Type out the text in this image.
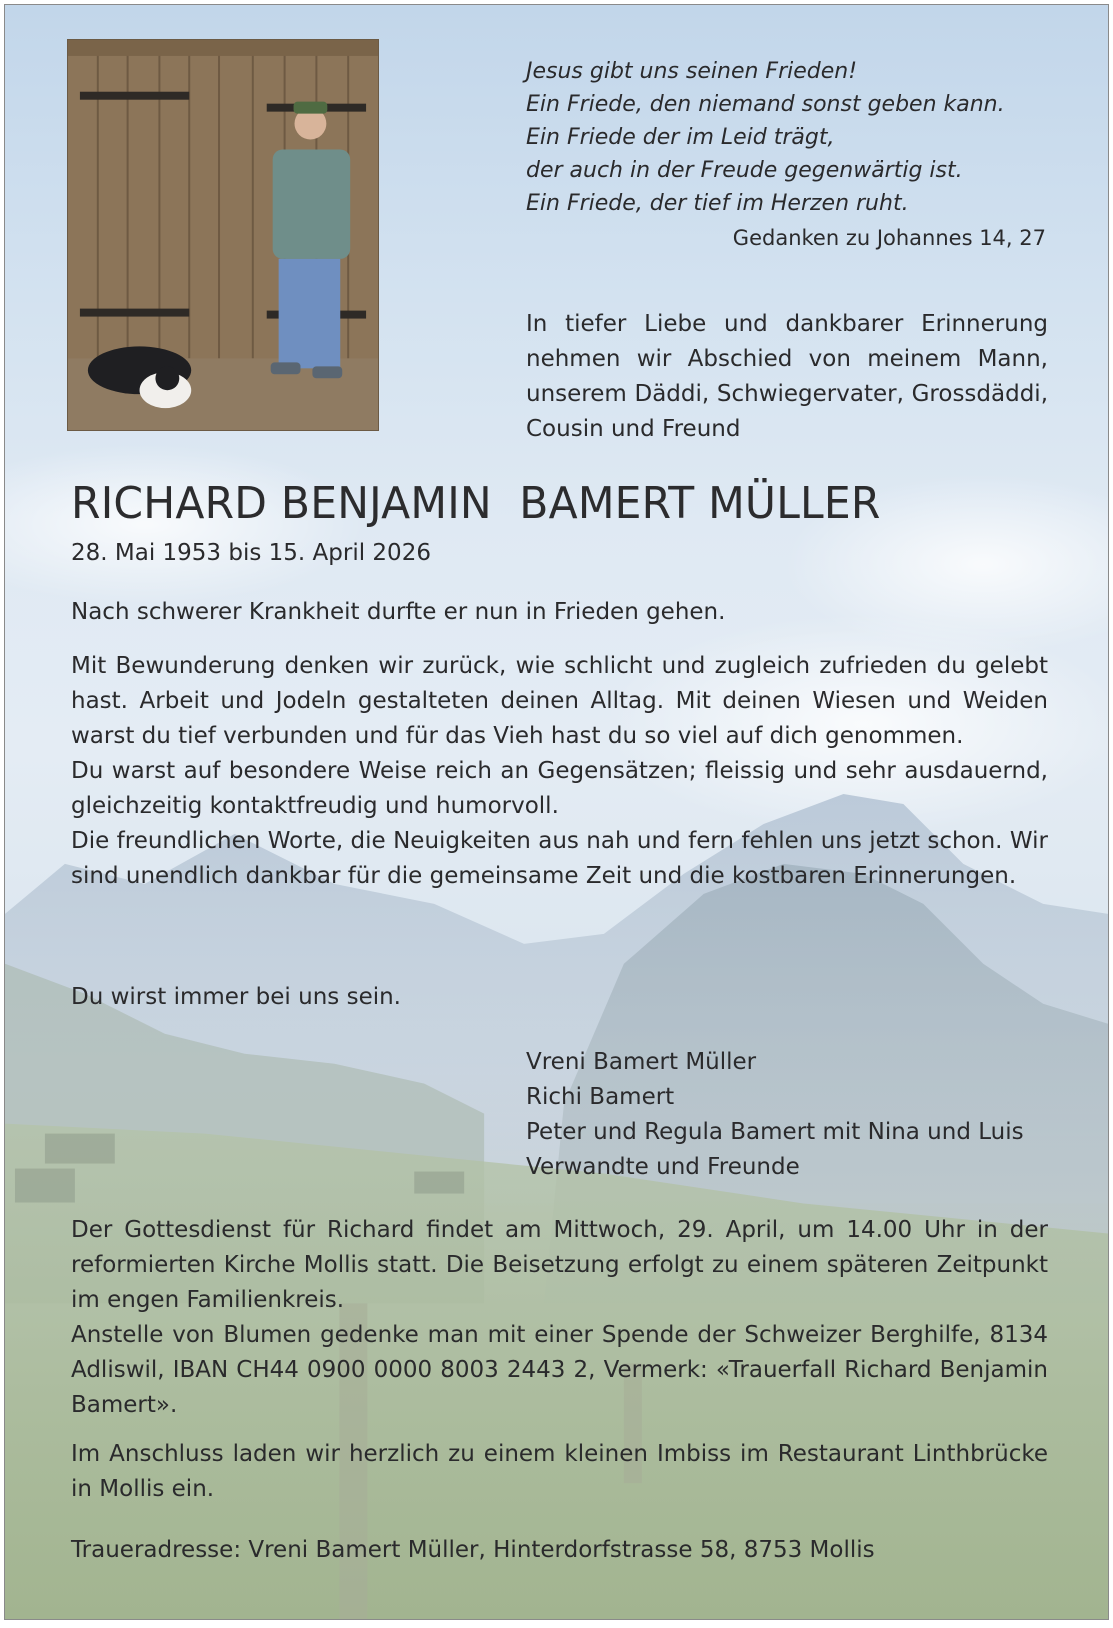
Jesus gibt uns seinen Frieden!
Ein Friede, den niemand sonst geben kann.
Ein Friede der im Leid trägt,
der auch in der Freude gegenwärtig ist.
Ein Friede, der tief im Herzen ruht.

Gedanken zu Johannes 14, 27
In tiefer Liebe und dankbarer Erinnerung nehmen wir Abschied von meinem Mann, unserem Däddi, Schwiegervater, Grossdäddi, Cousin und Freund
RICHARD BENJAMIN  BAMERT MÜLLER
28. Mai 1953 bis 15. April 2026

Nach schwerer Krankheit durfte er nun in Frieden gehen.

Mit Bewunderung denken wir zurück, wie schlicht und zugleich zufrieden du gelebt hast. Arbeit und Jodeln gestalteten deinen Alltag. Mit deinen Wiesen und Weiden warst du tief verbunden und für das Vieh hast du so viel auf dich genommen.

Du warst auf besondere Weise reich an Gegensätzen; fleissig und sehr ausdauernd, gleichzeitig kontaktfreudig und humorvoll.

Die freundlichen Worte, die Neuigkeiten aus nah und fern fehlen uns jetzt schon. Wir sind unendlich dankbar für die gemeinsame Zeit und die kostbaren Erinnerungen.

Du wirst immer bei uns sein.

Vreni Bamert Müller
Richi Bamert
Peter und Regula Bamert mit Nina und Luis
Verwandte und Freunde

Der Gottesdienst für Richard findet am Mittwoch, 29. April, um 14.00 Uhr in der reformierten Kirche Mollis statt. Die Beisetzung erfolgt zu einem späteren Zeitpunkt im engen Familienkreis.

Anstelle von Blumen gedenke man mit einer Spende der Schweizer Berghilfe, 8134 Adliswil, IBAN CH44 0900 0000 8003 2443 2, Vermerk: «Trauerfall Richard Benjamin Bamert».

Im Anschluss laden wir herzlich zu einem kleinen Imbiss im Restaurant Linthbrücke in Mollis ein.

Traueradresse: Vreni Bamert Müller, Hinterdorfstrasse 58, 8753 Mollis
